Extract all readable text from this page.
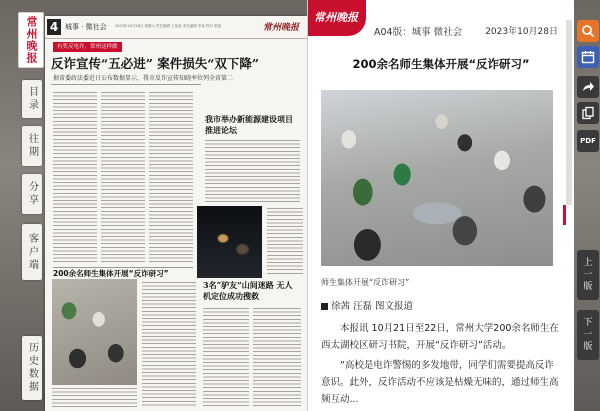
常州晚报
目录
往期
分享
客户端
历史数据
4 城事 · 微社会 2023年10月28日 星期六 责任编辑 王某某 美术编辑 李某 校对 张某	常州晚报
有奖反电诈，常州这样做
反诈宣传“五必进” 案件损失“双下降”
据省委政法委近日公布数据显示，我市反诈宣传知晓率位列全省第二
我市举办新能源建设项目推进论坛
200余名师生集体开展“反诈研习”
3名“驴友”山间迷路 无人机定位成功搜救
常州晚报
A04版：城事 微社会	2023年10月28日
200余名师生集体开展“反诈研习”
师生集体开展“反诈研习”
徐茜 汪磊 图文报道

本报讯 10月21日至22日，常州大学200余名师生在西太湖校区研习书院，开展“反诈研习”活动。

“高校是电诈警惕的多发地带，同学们需要提高反诈意识。此外，反诈活动不应该是枯燥无味的，通过师生高频互动...

PDF
上
一
版
下
一
版
